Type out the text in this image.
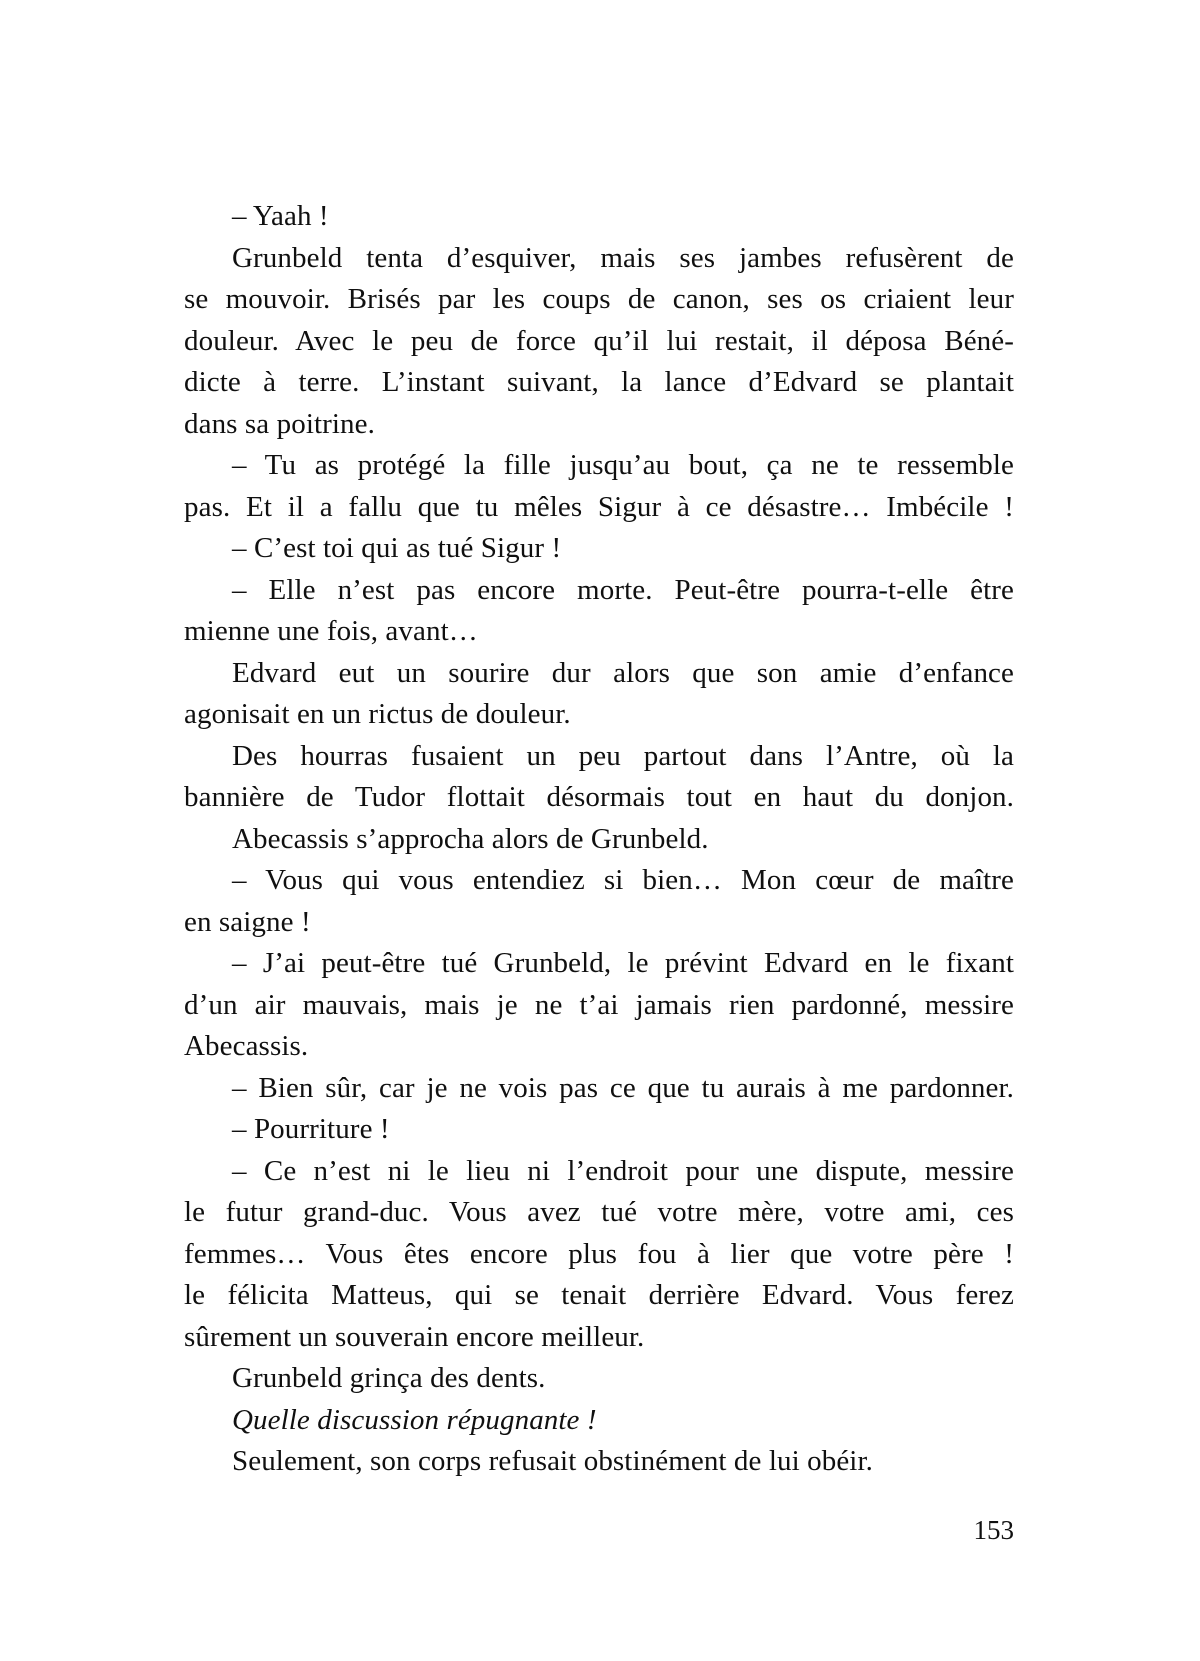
– Yaah !
Grunbeld tenta d’esquiver, mais ses jambes refusèrent de
se mouvoir. Brisés par les coups de canon, ses os criaient leur
douleur. Avec le peu de force qu’il lui restait, il déposa Béné-
dicte à terre. L’instant suivant, la lance d’Edvard se plantait
dans sa poitrine.
– Tu as protégé la fille jusqu’au bout, ça ne te ressemble
pas. Et il a fallu que tu mêles Sigur à ce désastre… Imbécile !
– C’est toi qui as tué Sigur !
– Elle n’est pas encore morte. Peut-être pourra-t-elle être
mienne une fois, avant…
Edvard eut un sourire dur alors que son amie d’enfance
agonisait en un rictus de douleur.
Des hourras fusaient un peu partout dans l’Antre, où la
bannière de Tudor flottait désormais tout en haut du donjon.
Abecassis s’approcha alors de Grunbeld.
– Vous qui vous entendiez si bien… Mon cœur de maître
en saigne !
– J’ai peut-être tué Grunbeld, le prévint Edvard en le fixant
d’un air mauvais, mais je ne t’ai jamais rien pardonné, messire
Abecassis.
– Bien sûr, car je ne vois pas ce que tu aurais à me pardonner.
– Pourriture !
– Ce n’est ni le lieu ni l’endroit pour une dispute, messire
le futur grand-duc. Vous avez tué votre mère, votre ami, ces
femmes… Vous êtes encore plus fou à lier que votre père !
le félicita Matteus, qui se tenait derrière Edvard. Vous ferez
sûrement un souverain encore meilleur.
Grunbeld grinça des dents.
Quelle discussion répugnante !
Seulement, son corps refusait obstinément de lui obéir.
153
